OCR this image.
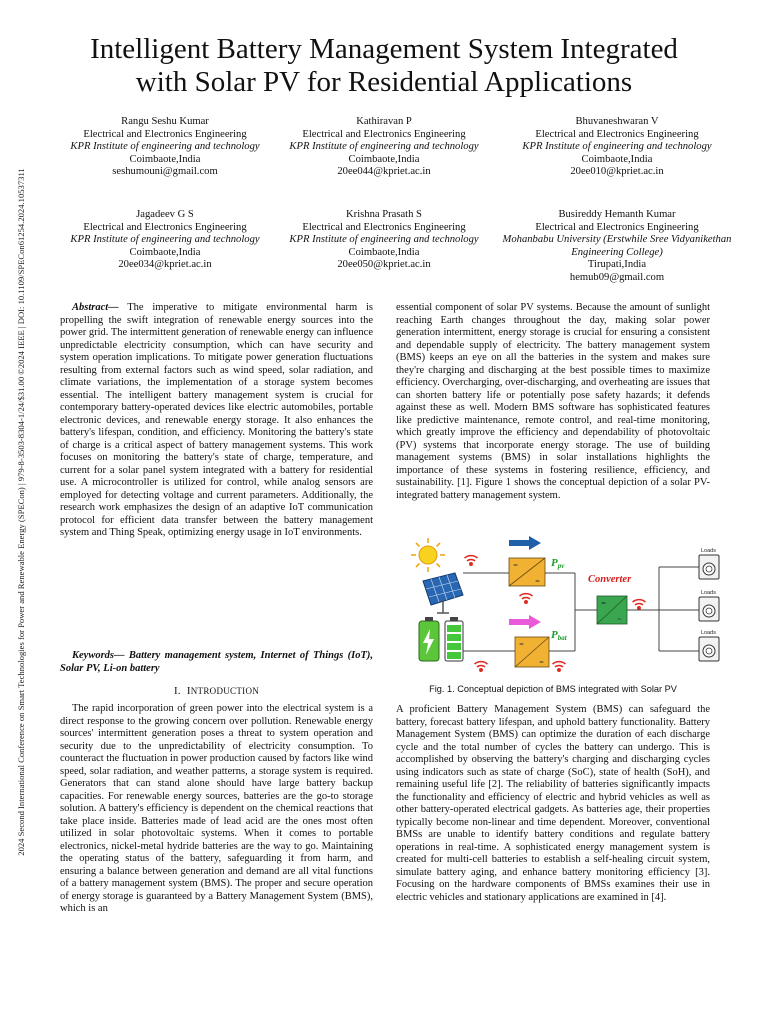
2024 Second International Conference on Smart Technologies for Power and Renewable Energy (SPECon) | 979-8-3503-8304-1/24/$31.00 ©2024 IEEE | DOI: 10.1109/SPECon61254.2024.10537311
Intelligent Battery Management System Integrated
with Solar PV for Residential Applications
Rangu Seshu Kumar
Electrical and Electronics Engineering
KPR Institute of engineering and technology
Coimbaote,India
seshumouni@gmail.com
Kathiravan P
Electrical and Electronics Engineering
KPR Institute of engineering and technology
Coimbaote,India
20ee044@kpriet.ac.in
Bhuvaneshwaran V
Electrical and Electronics Engineering
KPR Institute of engineering and technology
Coimbaote,India
20ee010@kpriet.ac.in
Jagadeev G S
Electrical and Electronics Engineering
KPR Institute of engineering and technology
Coimbaote,India
20ee034@kpriet.ac.in
Krishna Prasath S
Electrical and Electronics Engineering
KPR Institute of engineering and technology
Coimbaote,India
20ee050@kpriet.ac.in
Busireddy Hemanth Kumar
Electrical and Electronics Engineering
Mohanbabu University (Erstwhile Sree Vidyanikethan Engineering College)
Tirupati,India
hemub09@gmail.com

Abstract— The imperative to mitigate environmental harm is propelling the swift integration of renewable energy sources into the power grid. The intermittent generation of renewable energy can influence unpredictable electricity consumption, which can have security and system operation implications. To mitigate power generation fluctuations resulting from external factors such as wind speed, solar radiation, and climate variations, the implementation of a storage system becomes essential. The intelligent battery management system is crucial for contemporary battery-operated devices like electric automobiles, portable electronic devices, and renewable energy storage. It also enhances the battery's lifespan, condition, and efficiency. Monitoring the battery's state of charge is a critical aspect of battery management systems. This work focuses on monitoring the battery's state of charge, temperature, and current for a solar panel system integrated with a battery for residential use. A microcontroller is utilized for control, while analog sensors are employed for detecting voltage and current parameters. Additionally, the research work emphasizes the design of an adaptive IoT communication protocol for efficient data transfer between the battery management system and Thing Speak, optimizing energy usage in IoT environments.

Keywords— Battery management system, Internet of Things (IoT), Solar PV, Li-on battery

I. INTRODUCTION

The rapid incorporation of green power into the electrical system is a direct response to the growing concern over pollution. Renewable energy sources' intermittent generation poses a threat to system operation and security due to the unpredictability of electricity consumption. To counteract the fluctuation in power production caused by factors like wind speed, solar radiation, and weather patterns, a storage system is required. Generators that can stand alone should have large battery backup capacities. For renewable energy sources, batteries are the go-to storage solution. A battery's efficiency is dependent on the chemical reactions that take place inside. Batteries made of lead acid are the ones most often utilized in solar photovoltaic systems. When it comes to portable electronics, nickel-metal hydride batteries are the way to go. Maintaining the operating status of the battery, safeguarding it from harm, and ensuring a balance between generation and demand are all vital functions of a battery management system (BMS). The proper and secure operation of energy storage is guaranteed by a Battery Management System (BMS), which is an

essential component of solar PV systems. Because the amount of sunlight reaching Earth changes throughout the day, making solar power generation intermittent, energy storage is crucial for ensuring a consistent and dependable supply of electricity. The battery management system (BMS) keeps an eye on all the batteries in the system and makes sure they're charging and discharging at the best possible times to maximize efficiency. Overcharging, over-discharging, and overheating are issues that can shorten battery life or potentially pose safety hazards; it defends against these as well. Modern BMS software has sophisticated features like predictive maintenance, remote control, and real-time monitoring, which greatly improve the efficiency and dependability of photovoltaic (PV) systems that incorporate energy storage. The use of building management systems (BMS) in solar installations highlights the importance of these systems in fostering resilience, efficiency, and sustainability. [1]. Figure 1 shows the conceptual depiction of a solar PV-integrated battery management system.

=
=
Ppv
Converter
=
~
Loads
Loads
Loads
Pbat
=
=
Fig. 1. Conceptual depiction of BMS integrated with Solar PV

A proficient Battery Management System (BMS) can safeguard the battery, forecast battery lifespan, and uphold battery functionality. Battery Management System (BMS) can optimize the duration of each discharge cycle and the total number of cycles the battery can undergo. This is accomplished by observing the battery's charging and discharging cycles using indicators such as state of charge (SoC), state of health (SoH), and remaining useful life [2]. The reliability of batteries significantly impacts the functionality and efficiency of electric and hybrid vehicles as well as other battery-operated electrical gadgets. As batteries age, their properties typically become non-linear and time dependent. Moreover, conventional BMSs are unable to identify battery conditions and regulate battery operations in real-time. A sophisticated energy management system is created for multi-cell batteries to establish a self-healing circuit system, simulate battery aging, and enhance battery monitoring efficiency [3]. Focusing on the hardware components of BMSs examines their use in electric vehicles and stationary applications are examined in [4].
